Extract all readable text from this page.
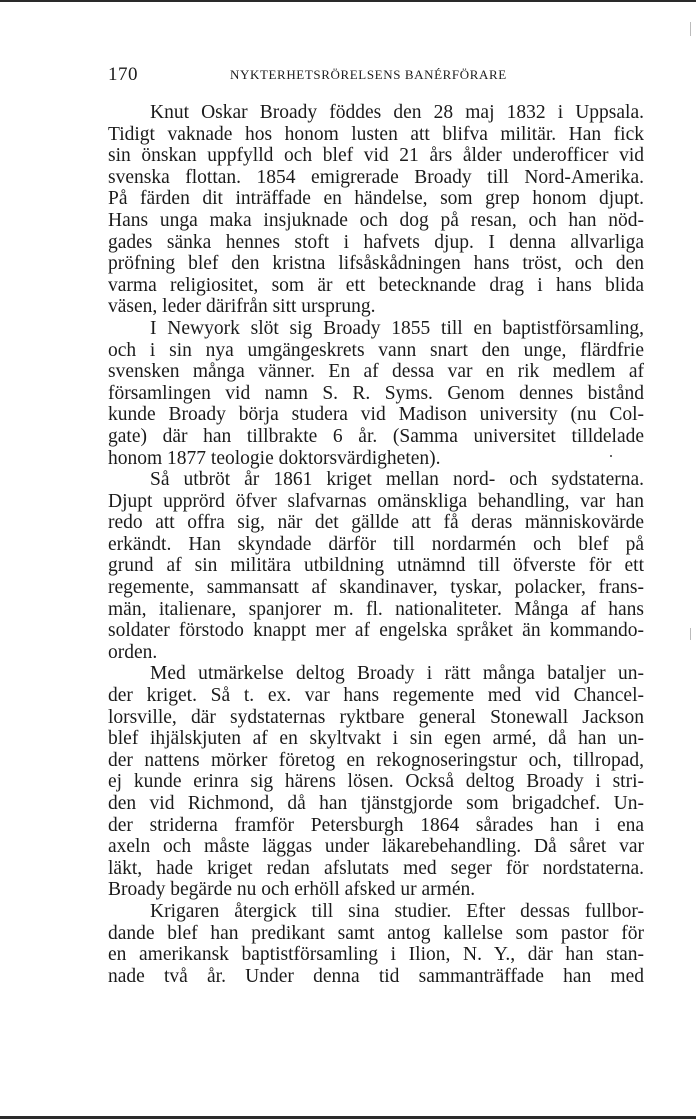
170	NYKTERHETSRÖRELSENS BANÉRFÖRARE
Knut Oskar Broady föddes den 28 maj 1832 i Uppsala.
Tidigt vaknade hos honom lusten att blifva militär. Han fick
sin önskan uppfylld och blef vid 21 års ålder underofficer vid
svenska flottan. 1854 emigrerade Broady till Nord-Amerika.
På färden dit inträffade en händelse, som grep honom djupt.
Hans unga maka insjuknade och dog på resan, och han nöd-
gades sänka hennes stoft i hafvets djup. I denna allvarliga
pröfning blef den kristna lifsåskådningen hans tröst, och den
varma religiositet, som är ett betecknande drag i hans blida
väsen, leder därifrån sitt ursprung.
I Newyork slöt sig Broady 1855 till en baptistförsamling,
och i sin nya umgängeskrets vann snart den unge, flärdfrie
svensken många vänner. En af dessa var en rik medlem af
församlingen vid namn S. R. Syms. Genom dennes bistånd
kunde Broady börja studera vid Madison university (nu Col-
gate) där han tillbrakte 6 år. (Samma universitet tilldelade
honom 1877 teologie doktorsvärdigheten).
Så utbröt år 1861 kriget mellan nord- och sydstaterna.
Djupt upprörd öfver slafvarnas omänskliga behandling, var han
redo att offra sig, när det gällde att få deras människovärde
erkändt. Han skyndade därför till nordarmén och blef på
grund af sin militära utbildning utnämnd till öfverste för ett
regemente, sammansatt af skandinaver, tyskar, polacker, frans-
män, italienare, spanjorer m. fl. nationaliteter. Många af hans
soldater förstodo knappt mer af engelska språket än kommando-
orden.
Med utmärkelse deltog Broady i rätt många bataljer un-
der kriget. Så t. ex. var hans regemente med vid Chancel-
lorsville, där sydstaternas ryktbare general Stonewall Jackson
blef ihjälskjuten af en skyltvakt i sin egen armé, då han un-
der nattens mörker företog en rekognoseringstur och, tillropad,
ej kunde erinra sig härens lösen. Också deltog Broady i stri-
den vid Richmond, då han tjänstgjorde som brigadchef. Un-
der striderna framför Petersburgh 1864 sårades han i ena
axeln och måste läggas under läkarebehandling. Då såret var
läkt, hade kriget redan afslutats med seger för nordstaterna.
Broady begärde nu och erhöll afsked ur armén.
Krigaren återgick till sina studier. Efter dessas fullbor-
dande blef han predikant samt antog kallelse som pastor för
en amerikansk baptistförsamling i Ilion, N. Y., där han stan-
nade två år. Under denna tid sammanträffade han med
